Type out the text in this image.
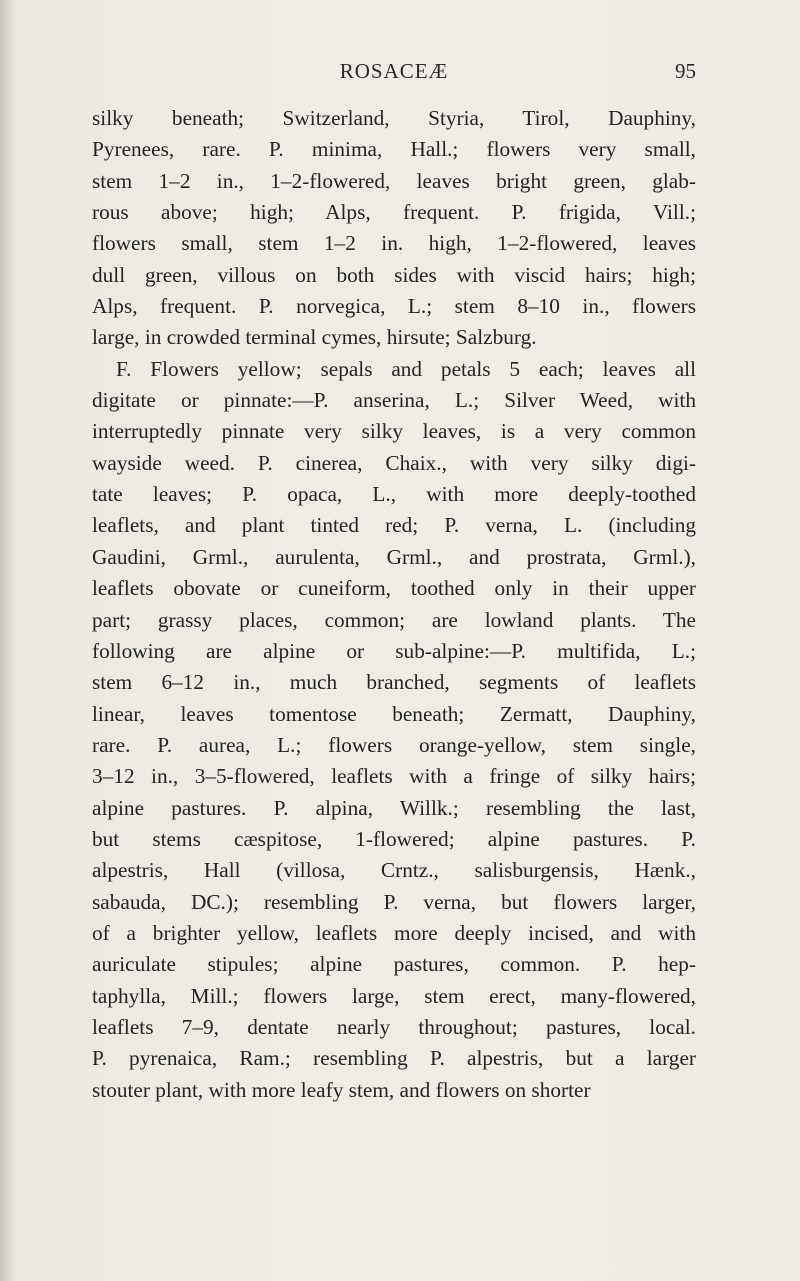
ROSACEÆ	95
silky beneath; Switzerland, Styria, Tirol, Dauphiny,
Pyrenees, rare. P. minima, Hall.; flowers very small,
stem 1–2 in., 1–2-flowered, leaves bright green, glab-
rous above; high; Alps, frequent. P. frigida, Vill.;
flowers small, stem 1–2 in. high, 1–2-flowered, leaves
dull green, villous on both sides with viscid hairs; high;
Alps, frequent. P. norvegica, L.; stem 8–10 in., flowers
large, in crowded terminal cymes, hirsute; Salzburg.
F. Flowers yellow; sepals and petals 5 each; leaves all
digitate or pinnate:—P. anserina, L.; Silver Weed, with
interruptedly pinnate very silky leaves, is a very common
wayside weed. P. cinerea, Chaix., with very silky digi-
tate leaves; P. opaca, L., with more deeply-toothed
leaflets, and plant tinted red; P. verna, L. (including
Gaudini, Grml., aurulenta, Grml., and prostrata, Grml.),
leaflets obovate or cuneiform, toothed only in their upper
part; grassy places, common; are lowland plants. The
following are alpine or sub-alpine:—P. multifida, L.;
stem 6–12 in., much branched, segments of leaflets
linear, leaves tomentose beneath; Zermatt, Dauphiny,
rare. P. aurea, L.; flowers orange-yellow, stem single,
3–12 in., 3–5-flowered, leaflets with a fringe of silky hairs;
alpine pastures. P. alpina, Willk.; resembling the last,
but stems cæspitose, 1-flowered; alpine pastures. P.
alpestris, Hall (villosa, Crntz., salisburgensis, Hænk.,
sabauda, DC.); resembling P. verna, but flowers larger,
of a brighter yellow, leaflets more deeply incised, and with
auriculate stipules; alpine pastures, common. P. hep-
taphylla, Mill.; flowers large, stem erect, many-flowered,
leaflets 7–9, dentate nearly throughout; pastures, local.
P. pyrenaica, Ram.; resembling P. alpestris, but a larger
stouter plant, with more leafy stem, and flowers on shorter
